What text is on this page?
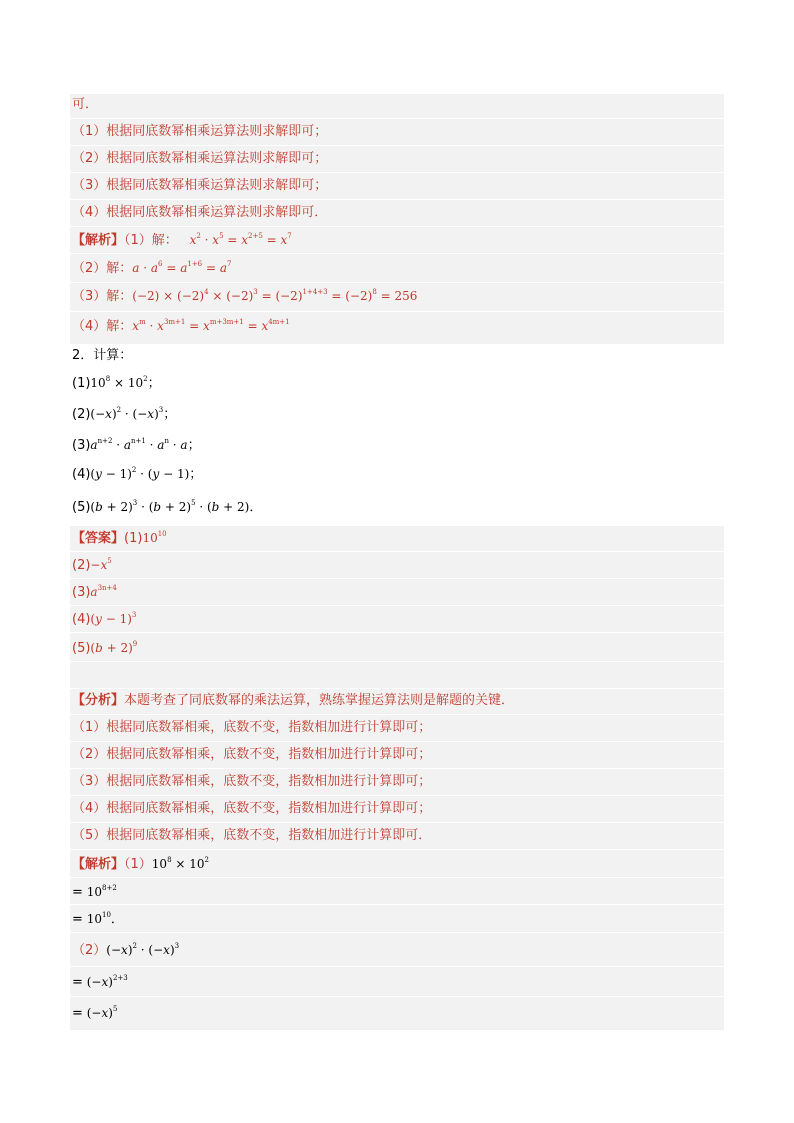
可．
（1）根据同底数幂相乘运算法则求解即可；
（2）根据同底数幂相乘运算法则求解即可；
（3）根据同底数幂相乘运算法则求解即可；
（4）根据同底数幂相乘运算法则求解即可．
【解析】（1）解： $x^2 \cdot x^5 = x^{2+5} = x^7$
（2）解：$a \cdot a^6 = a^{1+6} = a^7$
（3）解：$(-2) \times (-2)^4 \times (-2)^3 = (-2)^{1+4+3} = (-2)^8 = 256$
（4）解：$x^m \cdot x^{3m+1} = x^{m+3m+1} = x^{4m+1}$
2．计算：
$(1)10^8 \times 10^2$；
$(2)(-x)^2 \cdot (-x)^3$；
$(3)a^{n+2} \cdot a^{n+1} \cdot a^n \cdot a$；
$(4)(y - 1)^2 \cdot (y - 1)$；
$(5)(b + 2)^3 \cdot (b + 2)^5 \cdot (b + 2)$．
【答案】$(1)10^{10}$
$(2)-x^5$
$(3)a^{3n+4}$
$(4)(y - 1)^3$
$(5)(b + 2)^9$
【分析】本题考查了同底数幂的乘法运算，熟练掌握运算法则是解题的关键．
（1）根据同底数幂相乘，底数不变，指数相加进行计算即可；
（2）根据同底数幂相乘，底数不变，指数相加进行计算即可；
（3）根据同底数幂相乘，底数不变，指数相加进行计算即可；
（4）根据同底数幂相乘，底数不变，指数相加进行计算即可；
（5）根据同底数幂相乘，底数不变，指数相加进行计算即可．
【解析】$(1)10^8 \times 10^2$
= $10^{8+2}$
= $10^{10}$．
$(2)(-x)^2 \cdot (-x)^3$
= $(-x)^{2+3}$
= $(-x)^5$
